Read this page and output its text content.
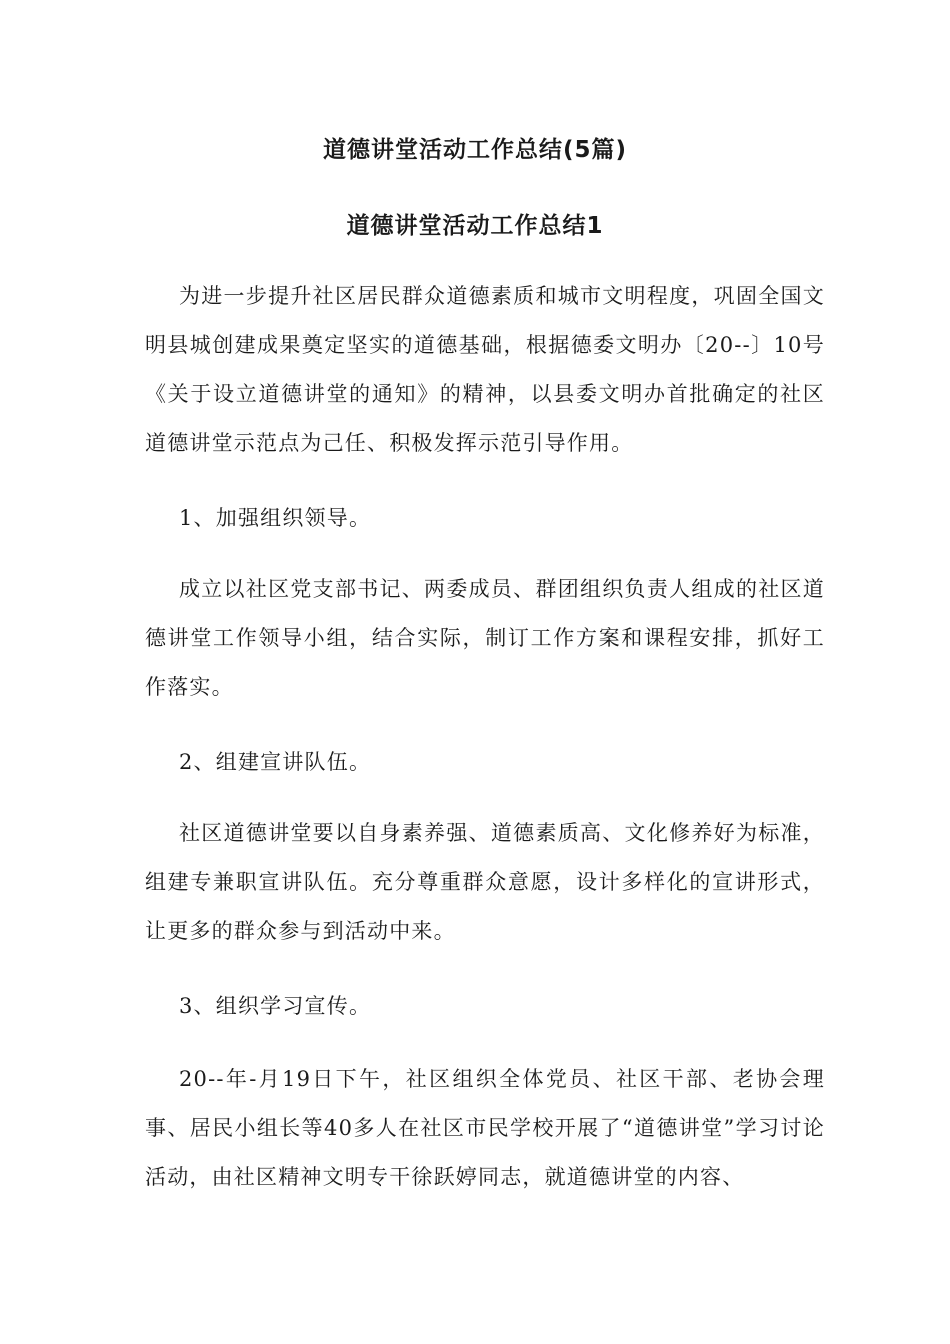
道德讲堂活动工作总结(5篇)
道德讲堂活动工作总结1

为进一步提升社区居民群众道德素质和城市文明程度，巩固全国文明县城创建成果奠定坚实的道德基础，根据德委文明办〔20--〕10号《关于设立道德讲堂的通知》的精神，以县委文明办首批确定的社区道德讲堂示范点为己任、积极发挥示范引导作用。

1、加强组织领导。

成立以社区党支部书记、两委成员、群团组织负责人组成的社区道德讲堂工作领导小组，结合实际，制订工作方案和课程安排，抓好工作落实。

2、组建宣讲队伍。

社区道德讲堂要以自身素养强、道德素质高、文化修养好为标准，组建专兼职宣讲队伍。充分尊重群众意愿，设计多样化的宣讲形式，让更多的群众参与到活动中来。

3、组织学习宣传。

20--年-月19日下午，社区组织全体党员、社区干部、老协会理事、居民小组长等40多人在社区市民学校开展了“道德讲堂”学习讨论活动，由社区精神文明专干徐跃婷同志，就道德讲堂的内容、
